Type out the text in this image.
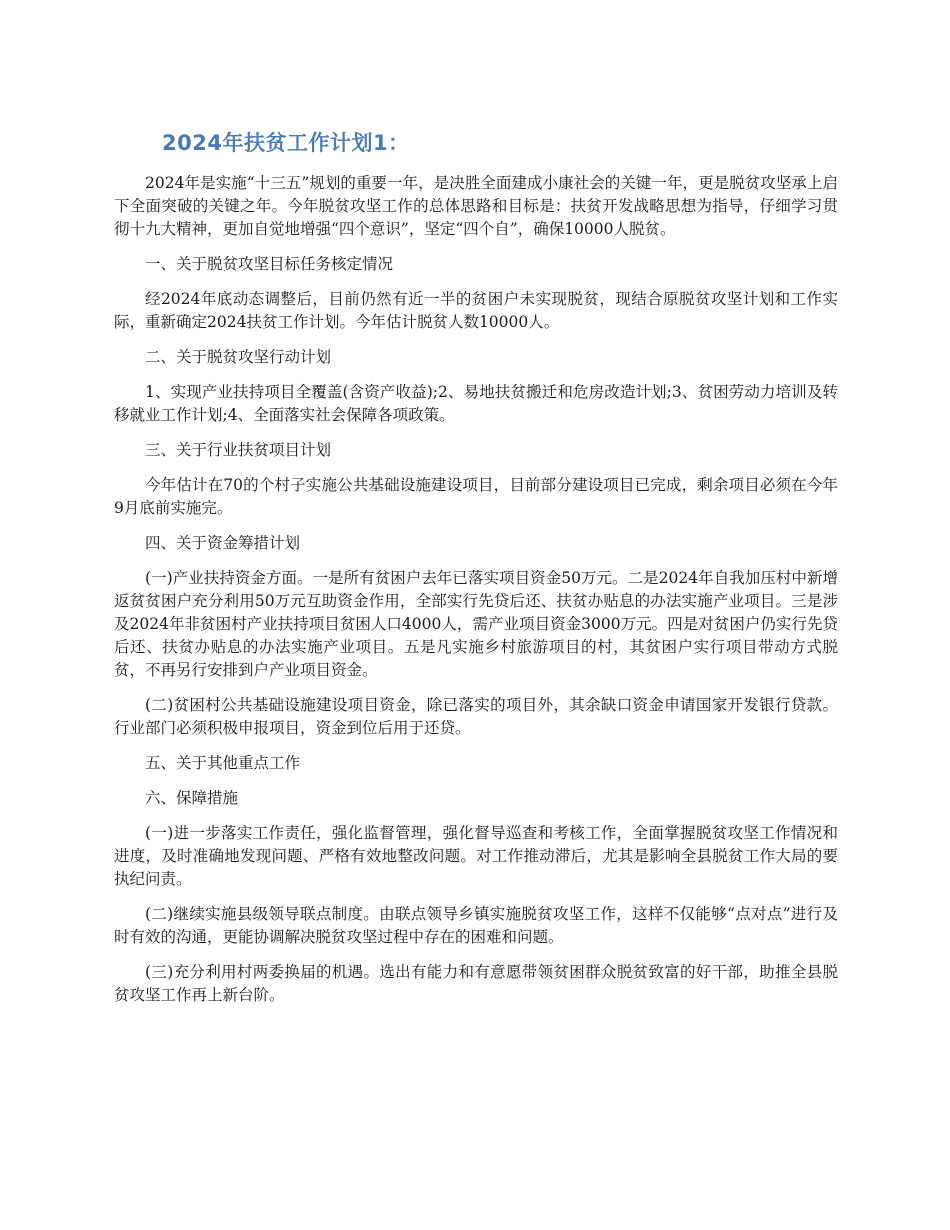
2024年扶贫工作计划1：

2024年是实施“十三五”规划的重要一年，是决胜全面建成小康社会的关键一年，更是脱贫攻坚承上启下全面突破的关键之年。今年脱贫攻坚工作的总体思路和目标是：扶贫开发战略思想为指导，仔细学习贯彻十九大精神，更加自觉地增强“四个意识”，坚定“四个自”，确保10000人脱贫。

一、关于脱贫攻坚目标任务核定情况

经2024年底动态调整后，目前仍然有近一半的贫困户未实现脱贫，现结合原脱贫攻坚计划和工作实际，重新确定2024扶贫工作计划。今年估计脱贫人数10000人。

二、关于脱贫攻坚行动计划

1、实现产业扶持项目全覆盖(含资产收益);2、易地扶贫搬迁和危房改造计划;3、贫困劳动力培训及转移就业工作计划;4、全面落实社会保障各项政策。

三、关于行业扶贫项目计划

今年估计在70的个村子实施公共基础设施建设项目，目前部分建设项目已完成，剩余项目必须在今年9月底前实施完。

四、关于资金筹措计划

(一)产业扶持资金方面。一是所有贫困户去年已落实项目资金50万元。二是2024年自我加压村中新增返贫贫困户充分利用50万元互助资金作用，全部实行先贷后还、扶贫办贴息的办法实施产业项目。三是涉及2024年非贫困村产业扶持项目贫困人口4000人，需产业项目资金3000万元。四是对贫困户仍实行先贷后还、扶贫办贴息的办法实施产业项目。五是凡实施乡村旅游项目的村，其贫困户实行项目带动方式脱贫，不再另行安排到户产业项目资金。

(二)贫困村公共基础设施建设项目资金，除已落实的项目外，其余缺口资金申请国家开发银行贷款。行业部门必须积极申报项目，资金到位后用于还贷。

五、关于其他重点工作

六、保障措施

(一)进一步落实工作责任，强化监督管理，强化督导巡查和考核工作，全面掌握脱贫攻坚工作情况和进度，及时准确地发现问题、严格有效地整改问题。对工作推动滞后，尤其是影响全县脱贫工作大局的要执纪问责。

(二)继续实施县级领导联点制度。由联点领导乡镇实施脱贫攻坚工作，这样不仅能够“点对点”进行及时有效的沟通，更能协调解决脱贫攻坚过程中存在的困难和问题。

(三)充分利用村两委换届的机遇。选出有能力和有意愿带领贫困群众脱贫致富的好干部，助推全县脱贫攻坚工作再上新台阶。
